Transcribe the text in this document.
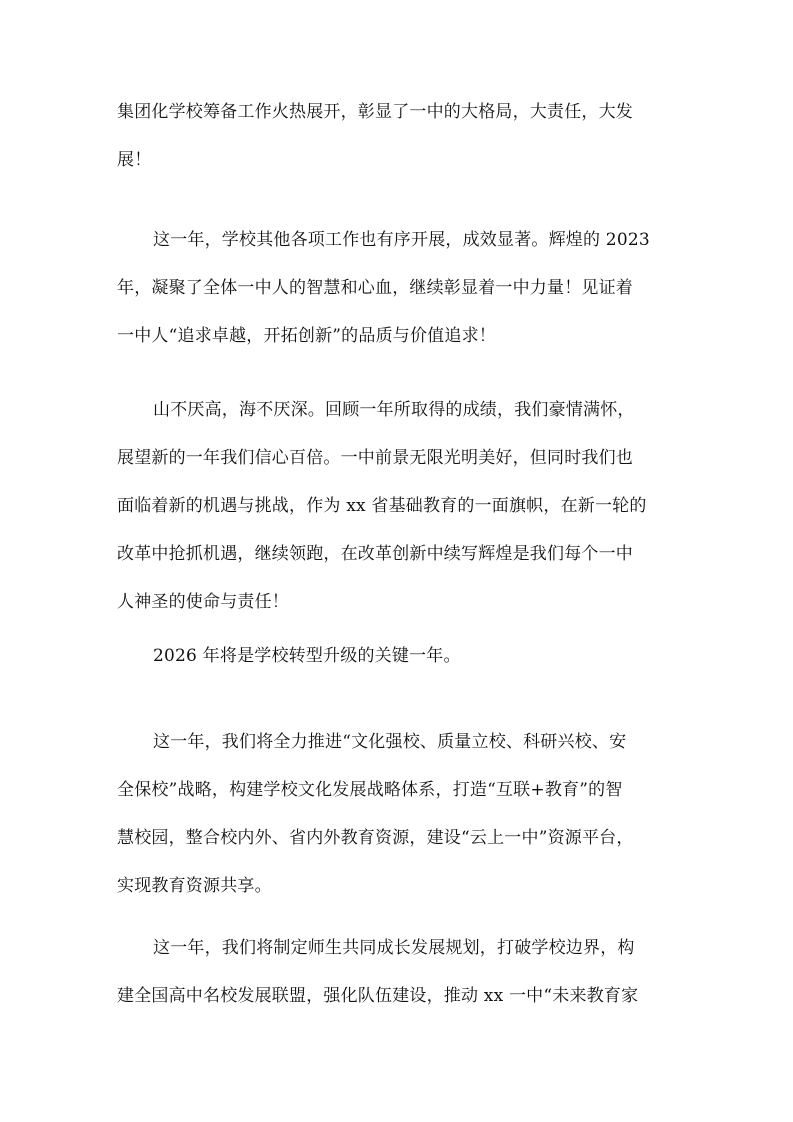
集团化学校筹备工作火热展开，彰显了一中的大格局，大责任，大发
展！
这一年，学校其他各项工作也有序开展，成效显著。辉煌的 2023
年，凝聚了全体一中人的智慧和心血，继续彰显着一中力量！见证着
一中人“追求卓越，开拓创新”的品质与价值追求！
山不厌高，海不厌深。回顾一年所取得的成绩，我们豪情满怀，
展望新的一年我们信心百倍。一中前景无限光明美好，但同时我们也
面临着新的机遇与挑战，作为 xx 省基础教育的一面旗帜，在新一轮的
改革中抢抓机遇，继续领跑，在改革创新中续写辉煌是我们每个一中
人神圣的使命与责任！
2026 年将是学校转型升级的关键一年。
这一年，我们将全力推进“文化强校、质量立校、科研兴校、安
全保校”战略，构建学校文化发展战略体系，打造“互联+教育”的智
慧校园，整合校内外、省内外教育资源，建设“云上一中”资源平台，
实现教育资源共享。
这一年，我们将制定师生共同成长发展规划，打破学校边界，构
建全国高中名校发展联盟，强化队伍建设，推动 xx 一中“未来教育家
